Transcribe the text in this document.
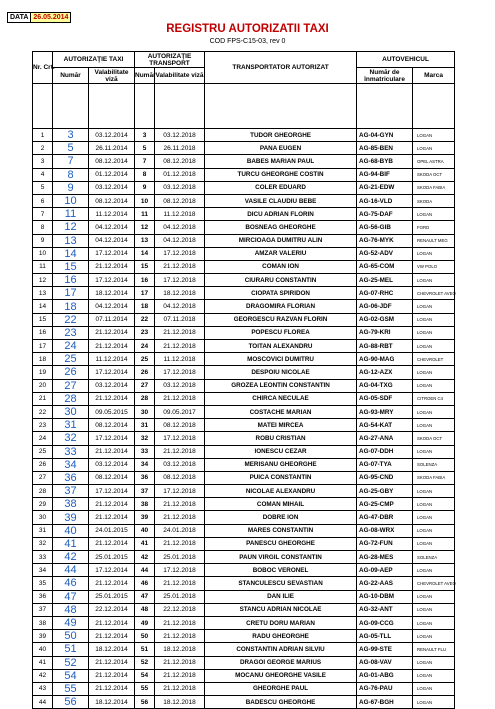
DATA	26.05.2014
REGISTRU AUTORIZATII TAXI
COD FPS-C15-03, rev 0
Nr. Crt.	AUTORIZAŢIE TAXI		AUTORIZAŢIE TRANSPORT		TRANSPORTATOR AUTORIZAT	AUTOVEHICUL	
	Număr	Valabilitate viză	Număr	Valabilitate viză		Număr de înmatriculare	Marca

1	3	03.12.2014	3	03.12.2018	TUDOR GHEORGHE	AG-04-GYN	LOGAN
2	5	26.11.2014	5	26.11.2018	PANA EUGEN	AG-85-BEN	LOGAN
3	7	08.12.2014	7	08.12.2018	BABES MARIAN PAUL	AG-68-BYB	OPEL ASTRA
4	8	01.12.2014	8	01.12.2018	TURCU GHEORGHE COSTIN	AG-94-BIF	SKODA OCT
5	9	03.12.2014	9	03.12.2018	COLER EDUARD	AG-21-EDW	SKODA FABIA
6	10	08.12.2014	10	08.12.2018	VASILE CLAUDIU BEBE	AG-16-VLD	SKODA
7	11	11.12.2014	11	11.12.2018	DICU ADRIAN FLORIN	AG-75-DAF	LOGAN
8	12	04.12.2014	12	04.12.2018	BOSNEAG GHEORGHE	AG-56-GIB	FORD
9	13	04.12.2014	13	04.12.2018	MIRCIOAGA DUMITRU ALIN	AG-76-MYK	RENAULT MEG
10	14	17.12.2014	14	17.12.2018	AMZAR VALERIU	AG-52-ADV	LOGAN
11	15	21.12.2014	15	21.12.2018	COMAN ION	AG-65-COM	VW POLO
12	16	17.12.2014	16	17.12.2018	CIURARU CONSTANTIN	AG-25-MEL	LOGAN
13	17	18.12.2014	17	18.12.2018	CIOPATA SPIRIDON	AG-07-RHC	CHEVROLET AVEO
14	18	04.12.2014	18	04.12.2018	DRAGOMIRA FLORIAN	AG-06-JDF	LOGAN
15	22	07.11.2014	22	07.11.2018	GEORGESCU RAZVAN FLORIN	AG-02-GSM	LOGAN
16	23	21.12.2014	23	21.12.2018	POPESCU FLOREA	AG-79-KRI	LOGAN
17	24	21.12.2014	24	21.12.2018	TOITAN ALEXANDRU	AG-88-RBT	LOGAN
18	25	11.12.2014	25	11.12.2018	MOSCOVICI DUMITRU	AG-90-MAG	CHEVROLET
19	26	17.12.2014	26	17.12.2018	DESPOIU NICOLAE	AG-12-AZX	LOGAN
20	27	03.12.2014	27	03.12.2018	GROZEA LEONTIN CONSTANTIN	AG-04-TXG	LOGAN
21	28	21.12.2014	28	21.12.2018	CHIRCA NECULAE	AG-05-SDF	CITROEN C4
22	30	09.05.2015	30	09.05.2017	COSTACHE MARIAN	AG-93-MRY	LOGAN
23	31	08.12.2014	31	08.12.2018	MATEI MIRCEA	AG-54-KAT	LOGAN
24	32	17.12.2014	32	17.12.2018	ROBU CRISTIAN	AG-27-ANA	SKODA OCT
25	33	21.12.2014	33	21.12.2018	IONESCU CEZAR	AG-07-DDH	LOGAN
26	34	03.12.2014	34	03.12.2018	MERISANU GHEORGHE	AG-07-TYA	SOLENZA
27	36	08.12.2014	36	08.12.2018	PUICA CONSTANTIN	AG-95-CND	SKODA FABIA
28	37	17.12.2014	37	17.12.2018	NICOLAE ALEXANDRU	AG-25-GBY	LOGAN
29	38	21.12.2014	38	21.12.2018	COMAN MIHAIL	AG-25-CMP	LOGAN
30	39	21.12.2014	39	21.12.2018	DOBRE ION	AG-47-DBR	LOGAN
31	40	24.01.2015	40	24.01.2018	MARES CONSTANTIN	AG-08-WRX	LOGAN
32	41	21.12.2014	41	21.12.2018	PANESCU GHEORGHE	AG-72-FUN	LOGAN
33	42	25.01.2015	42	25.01.2018	PAUN VIRGIL CONSTANTIN	AG-28-MES	SOLENZA
34	44	17.12.2014	44	17.12.2018	BOBOC VERONEL	AG-09-AEP	LOGAN
35	46	21.12.2014	46	21.12.2018	STANCULESCU SEVASTIAN	AG-22-AAS	CHEVROLET AVEO
36	47	25.01.2015	47	25.01.2018	DAN ILIE	AG-10-DBM	LOGAN
37	48	22.12.2014	48	22.12.2018	STANCU ADRIAN NICOLAE	AG-32-ANT	LOGAN
38	49	21.12.2014	49	21.12.2018	CRETU DORU MARIAN	AG-09-CCG	LOGAN
39	50	21.12.2014	50	21.12.2018	RADU GHEORGHE	AG-05-TLL	LOGAN
40	51	18.12.2014	51	18.12.2018	CONSTANTIN ADRIAN SILVIU	AG-99-STE	RENAULT FLU
41	52	21.12.2014	52	21.12.2018	DRAGOI GEORGE MARIUS	AG-08-VAV	LOGAN
42	54	21.12.2014	54	21.12.2018	MOCANU GHEORGHE VASILE	AG-01-ABG	LOGAN
43	55	21.12.2014	55	21.12.2018	GHEORGHE PAUL	AG-76-PAU	LOGAN
44	56	18.12.2014	56	18.12.2018	BADESCU GHEORGHE	AG-67-BGH	LOGAN
